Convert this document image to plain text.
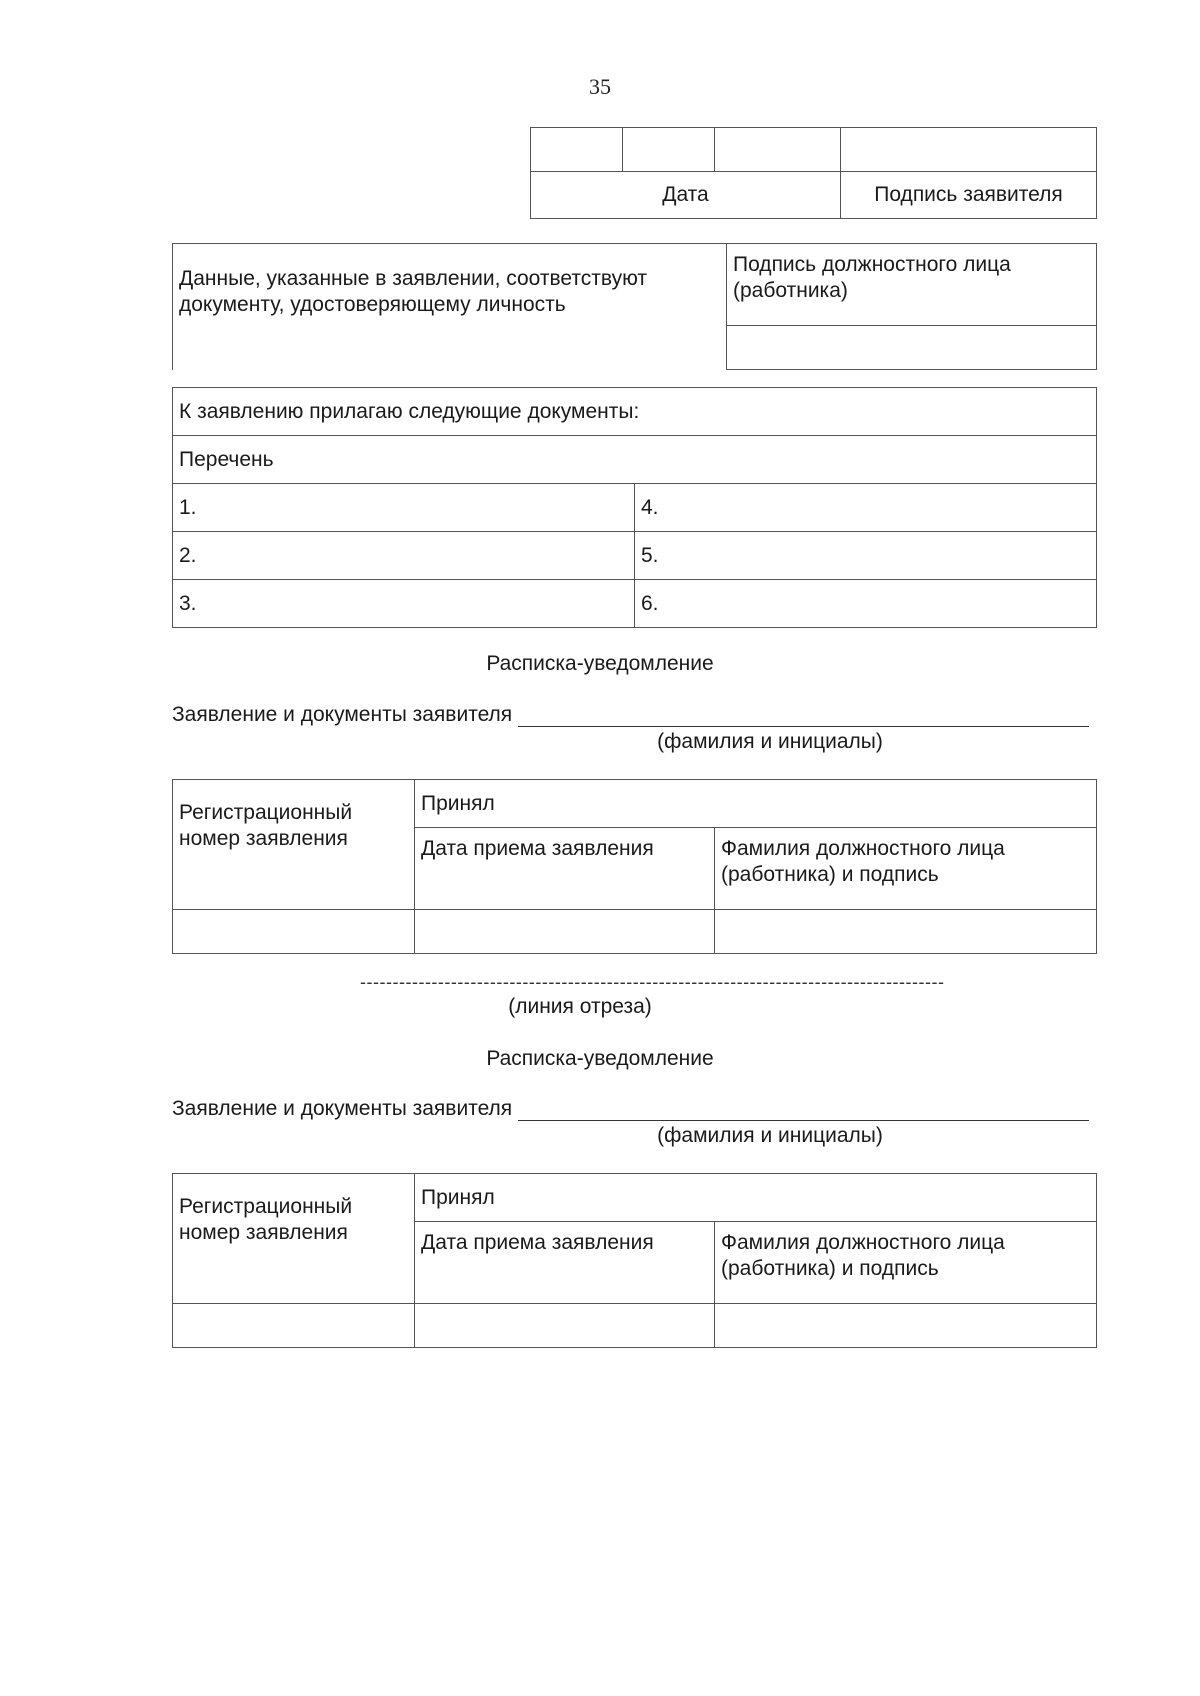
35

Дата			Подпись заявителя
Данные, указанные в заявлении, соответствуют документу, удостоверяющему личность	Подпись должностного лица (работника)

К заявлению прилагаю следующие документы:	
Перечень	
1.	4.
2.	5.
3.	6.
Расписка-уведомление
Заявление и документы заявителя
(фамилия и инициалы)
Регистрационный номер заявления	Принял	
	Дата приема заявления	Фамилия должностного лица (работника) и подпись

------------------------------------------------------------------------------------------
(линия отреза)
Расписка-уведомление
Заявление и документы заявителя
(фамилия и инициалы)
Регистрационный номер заявления	Принял	
	Дата приема заявления	Фамилия должностного лица (работника) и подпись
